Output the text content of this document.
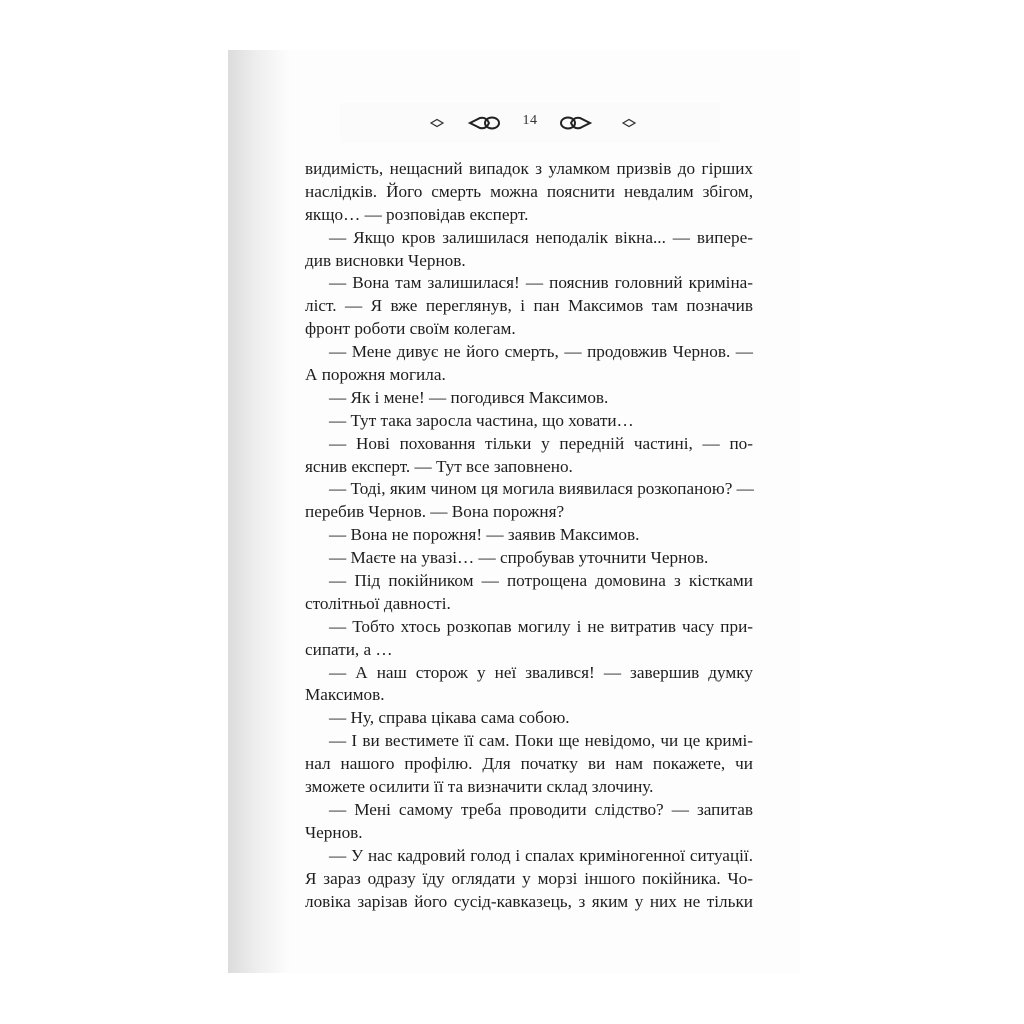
14
видимість, нещасний випадок з уламком призвів до гірших
наслідків. Його смерть можна пояснити невдалим збігом,
якщо… — розповідав експерт.
— Якщо кров залишилася неподалік вікна... — випере-
див висновки Чернов.
— Вона там залишилася! — пояснив головний криміна-
ліст. — Я вже переглянув, і пан Максимов там позначив
фронт роботи своїм колегам.
— Мене дивує не його смерть, — продовжив Чернов. —
А порожня могила.
— Як і мене! — погодився Максимов.
— Тут така заросла частина, що ховати…
— Нові поховання тільки у передній частині, — по-
яснив експерт. — Тут все заповнено.
— Тоді, яким чином ця могила виявилася розкопаною? —
перебив Чернов. — Вона порожня?
— Вона не порожня! — заявив Максимов.
— Маєте на увазі… — спробував уточнити Чернов.
— Під покійником — потрощена домовина з кістками
столітньої давності.
— Тобто хтось розкопав могилу і не витратив часу при-
сипати, а …
— А наш сторож у неї звалився! — завершив думку
Максимов.
— Ну, справа цікава сама собою.
— І ви вестимете її сам. Поки ще невідомо, чи це кримі-
нал нашого профілю. Для початку ви нам покажете, чи
зможете осилити її та визначити склад злочину.
— Мені самому треба проводити слідство? — запитав
Чернов.
— У нас кадровий голод і спалах криміногенної ситуації.
Я зараз одразу їду оглядати у морзі іншого покійника. Чо-
ловіка зарізав його сусід-кавказець, з яким у них не тільки
